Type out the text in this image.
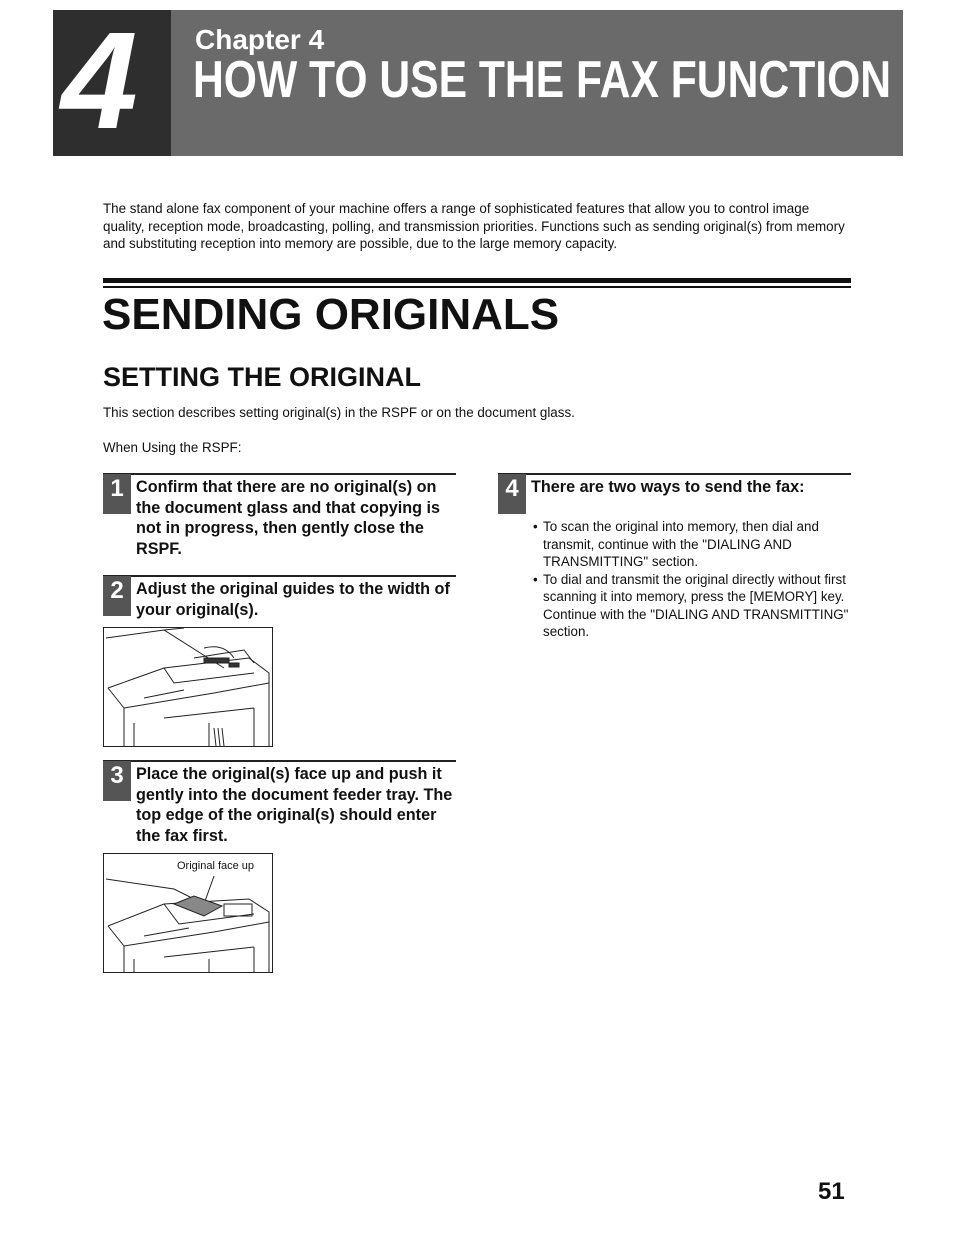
4 Chapter 4
HOW TO USE THE FAX FUNCTION
The stand alone fax component of your machine offers a range of sophisticated features that allow you to control image quality, reception mode, broadcasting, polling, and transmission priorities. Functions such as sending original(s) from memory and substituting reception into memory are possible, due to the large memory capacity.
SENDING ORIGINALS
SETTING THE ORIGINAL
This section describes setting original(s) in the RSPF or on the document glass.
When Using the RSPF:
1 Confirm that there are no original(s) on the document glass and that copying is not in progress, then gently close the RSPF.
2 Adjust the original guides to the width of your original(s).
3 Place the original(s) face up and push it gently into the document feeder tray. The top edge of the original(s) should enter the fax first.
Original face up
4 There are two ways to send the fax:
• To scan the original into memory, then dial and transmit, continue with the "DIALING AND TRANSMITTING" section.
• To dial and transmit the original directly without first scanning it into memory, press the [MEMORY] key. Continue with the "DIALING AND TRANSMITTING" section.
51
